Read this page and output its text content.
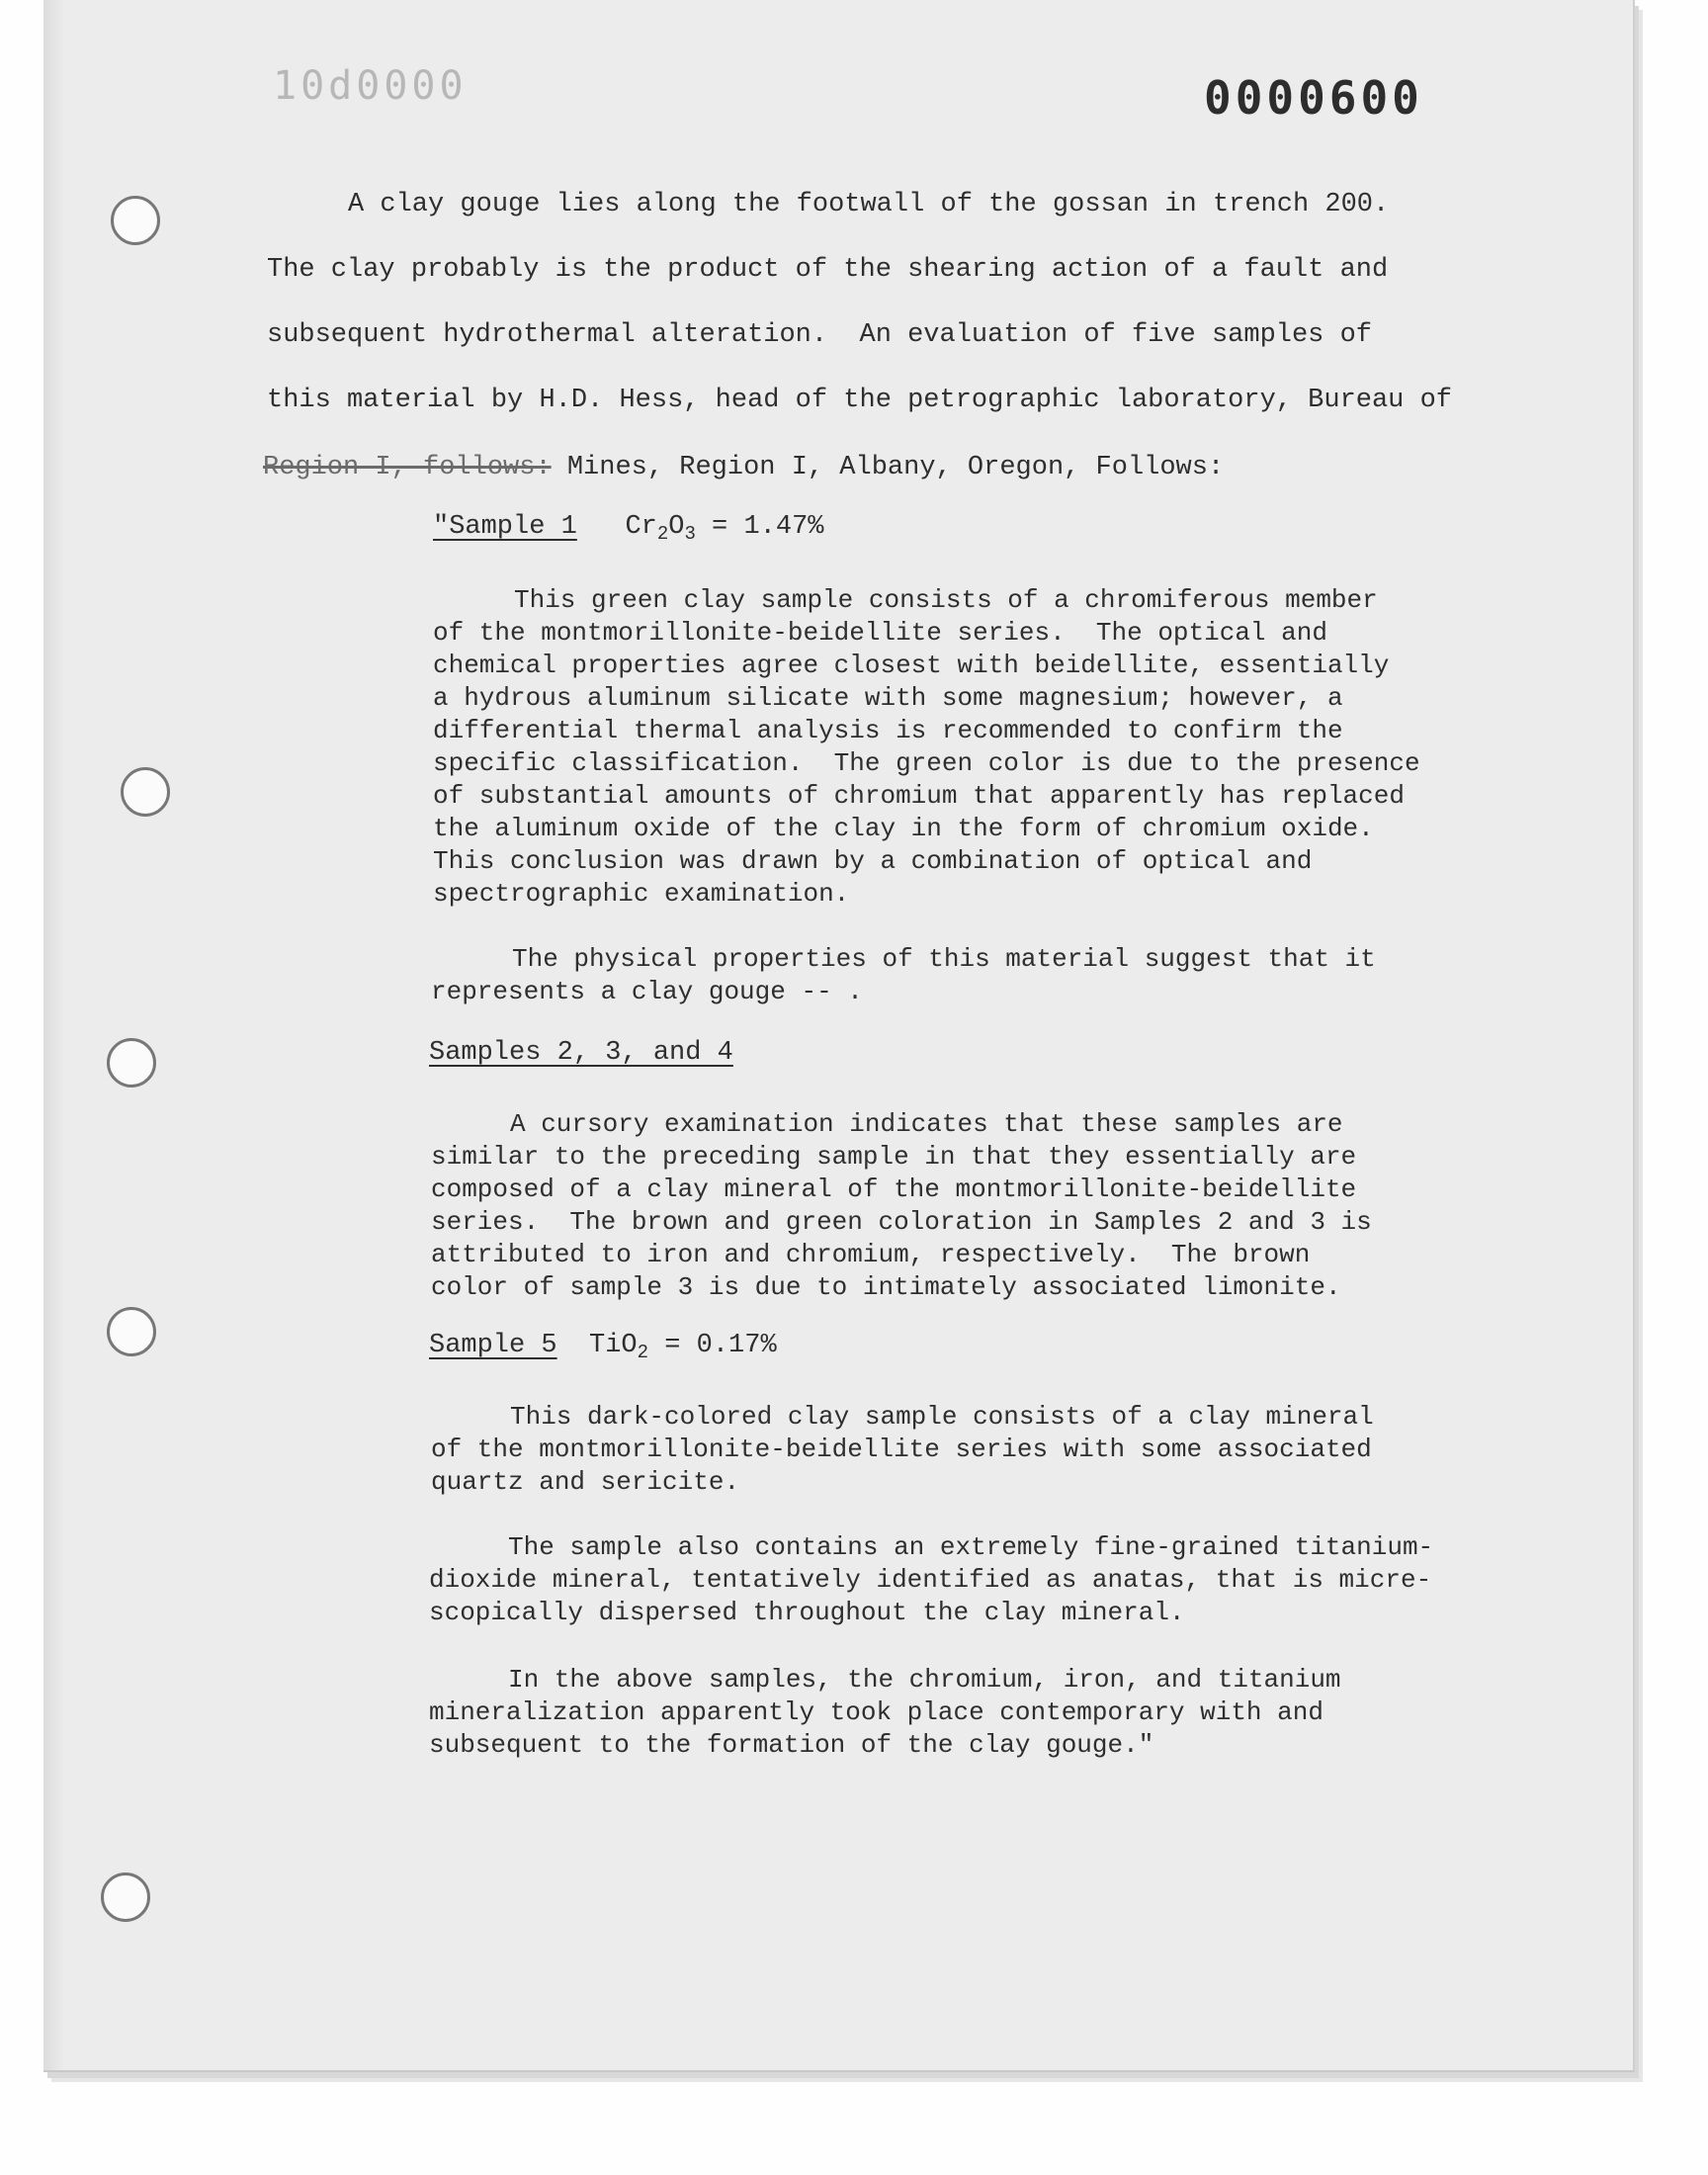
10d0000	0000600
A clay gouge lies along the footwall of the gossan in trench 200.
The clay probably is the product of the shearing action of a fault and
subsequent hydrothermal alteration.  An evaluation of five samples of
this material by H.D. Hess, head of the petrographic laboratory, Bureau of
Region I, follows: Mines, Region I, Albany, Oregon, Follows:
"Sample 1 $Cr_2O_3 = 1.47\%$
This green clay sample consists of a chromiferous member
of the montmorillonite-beidellite series.  The optical and
chemical properties agree closest with beidellite, essentially
a hydrous aluminum silicate with some magnesium; however, a
differential thermal analysis is recommended to confirm the
specific classification.  The green color is due to the presence
of substantial amounts of chromium that apparently has replaced
the aluminum oxide of the clay in the form of chromium oxide.
This conclusion was drawn by a combination of optical and
spectrographic examination.
The physical properties of this material suggest that it
represents a clay gouge -- .
Samples 2, 3, and 4
A cursory examination indicates that these samples are
similar to the preceding sample in that they essentially are
composed of a clay mineral of the montmorillonite-beidellite
series.  The brown and green coloration in Samples 2 and 3 is
attributed to iron and chromium, respectively.  The brown
color of sample 3 is due to intimately associated limonite.
Sample 5 TiO$_2$ = 0.17%
This dark-colored clay sample consists of a clay mineral
of the montmorillonite-beidellite series with some associated
quartz and sericite.
The sample also contains an extremely fine-grained titanium-
dioxide mineral, tentatively identified as anatas, that is micre-
scopically dispersed throughout the clay mineral.
In the above samples, the chromium, iron, and titanium
mineralization apparently took place contemporary with and
subsequent to the formation of the clay gouge."
